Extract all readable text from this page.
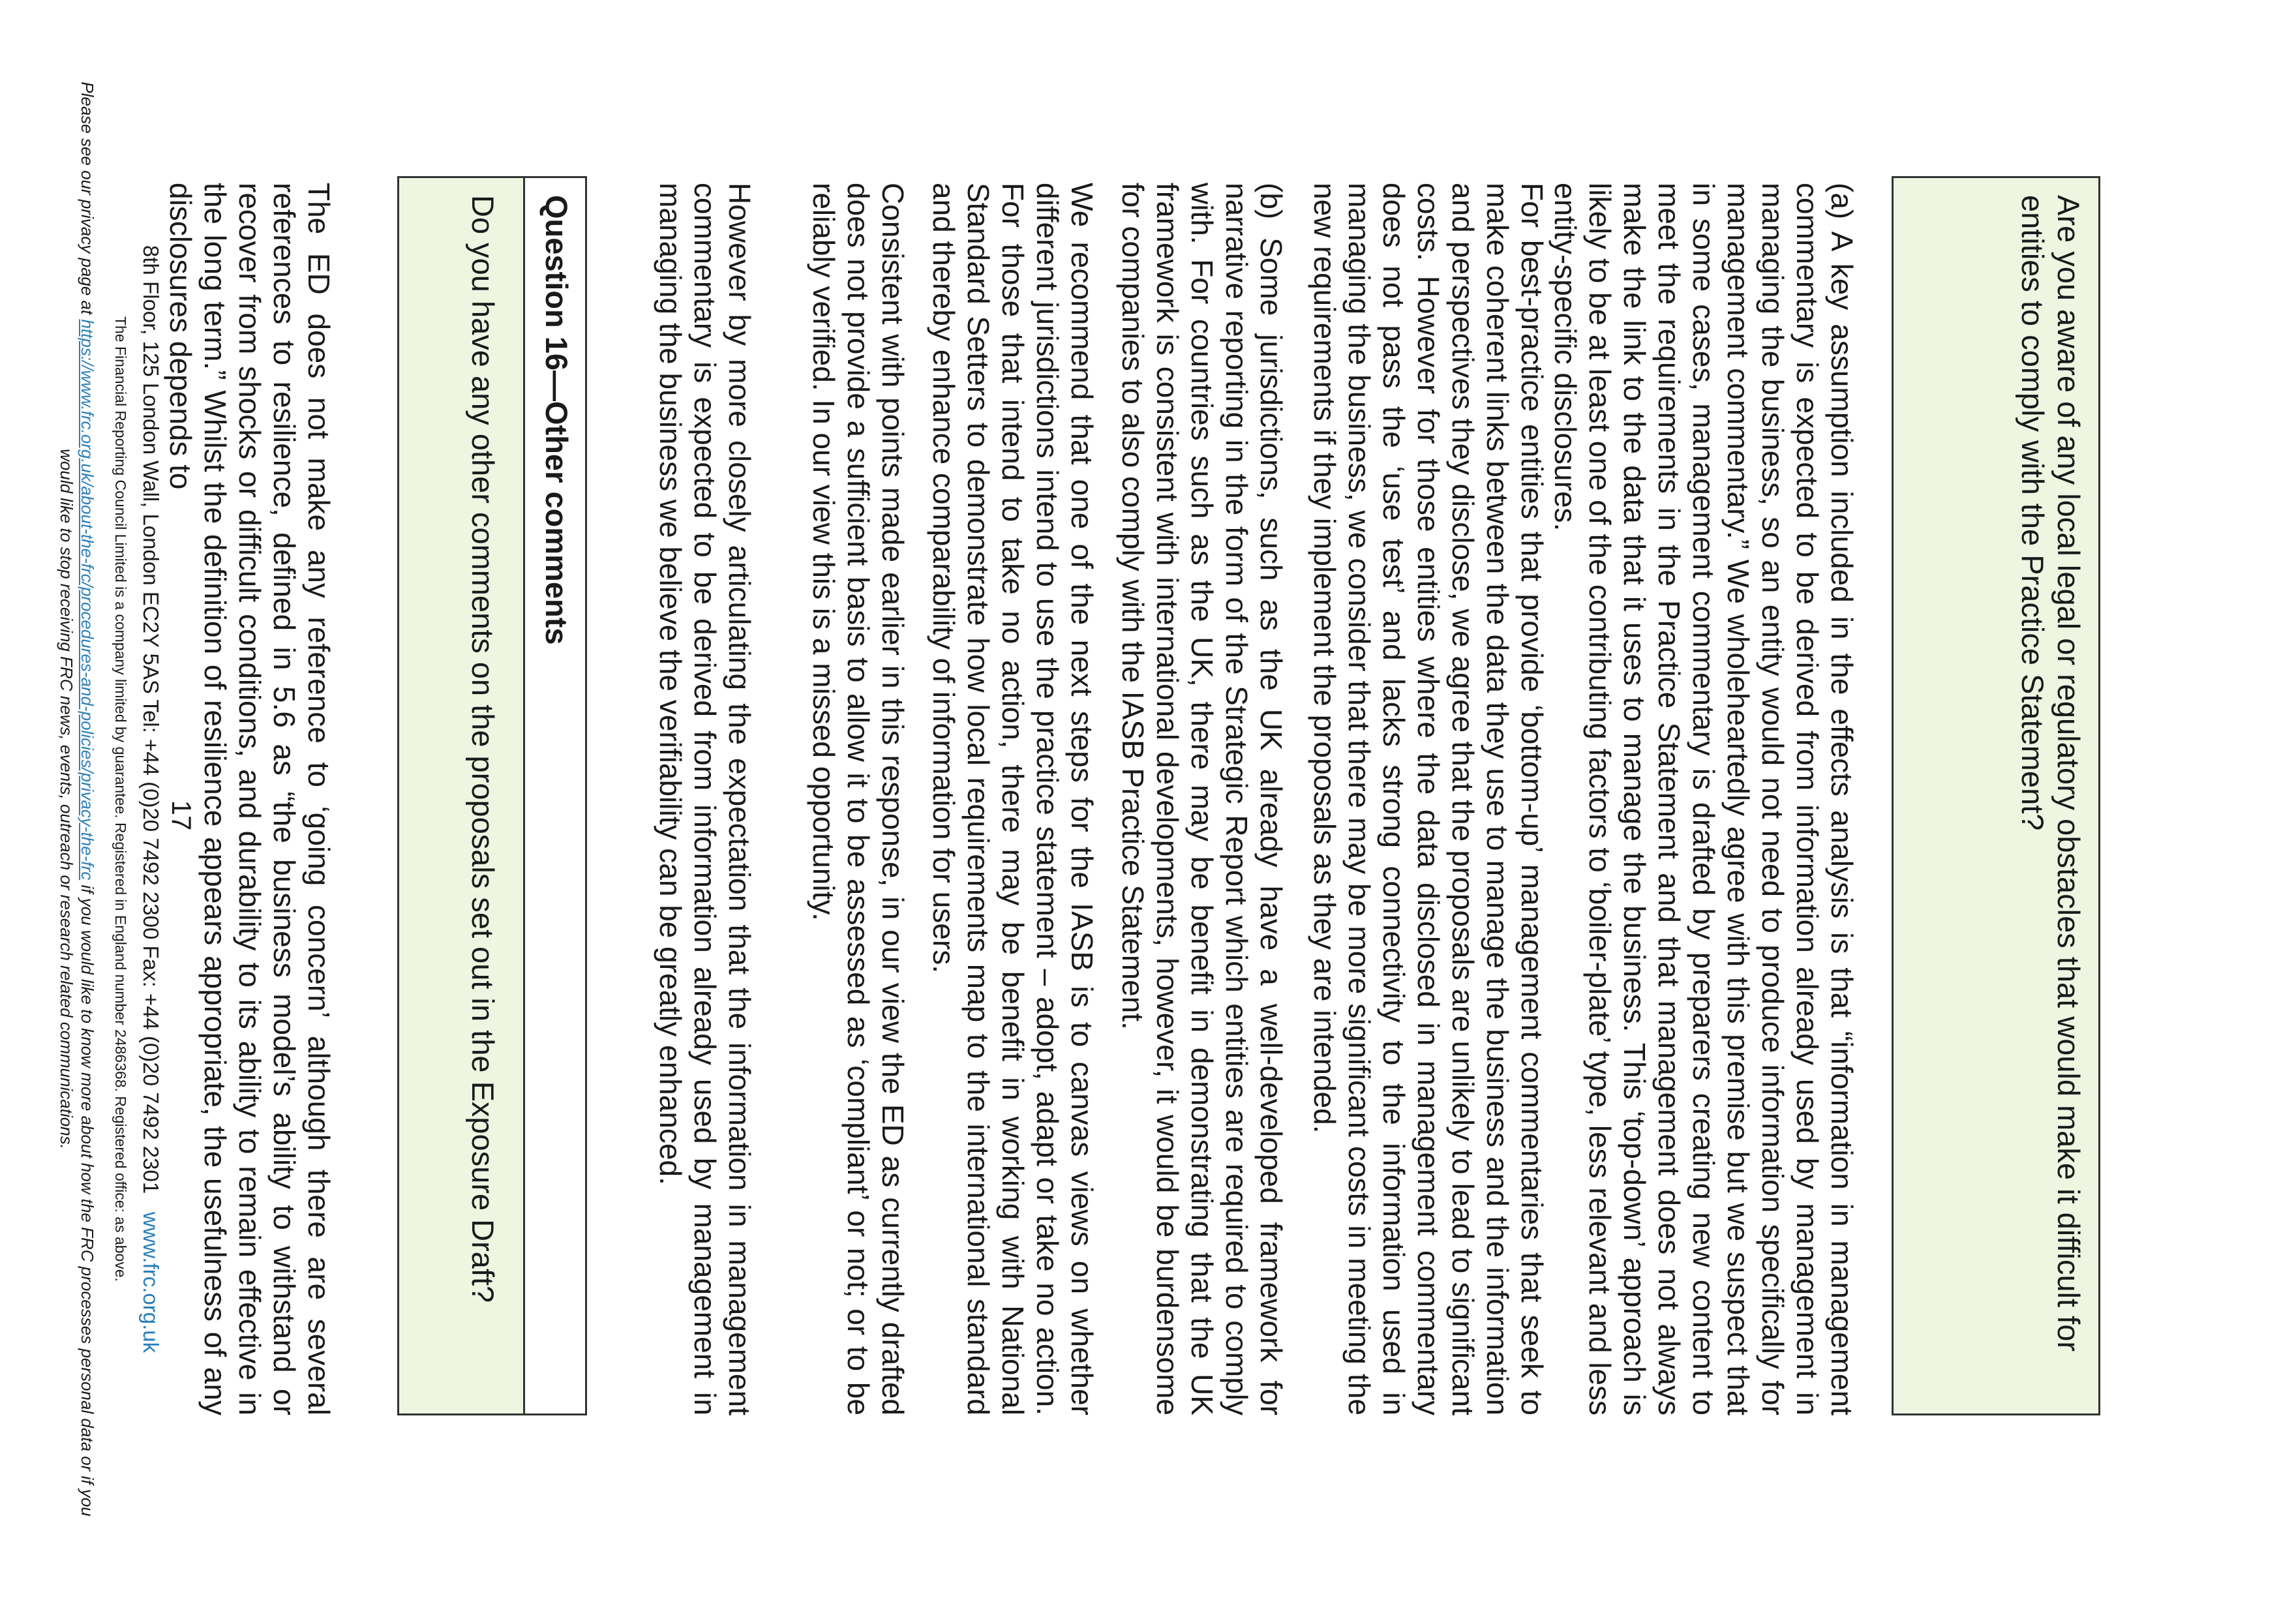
Are you aware of any local legal or regulatory obstacles that would make it difficult for entities to comply with the Practice Statement?
(a) A key assumption included in the effects analysis is that “information in management commentary is expected to be derived from information already used by management in managing the business, so an entity would not need to produce information specifically for management commentary.” We wholeheartedly agree with this premise but we suspect that in some cases, management commentary is drafted by preparers creating new content to meet the requirements in the Practice Statement and that management does not always make the link to the data that it uses to manage the business. This ‘top-down’ approach is likely to be at least one of the contributing factors to ‘boiler-plate’ type, less relevant and less entity-specific disclosures.
For best-practice entities that provide ‘bottom-up’ management commentaries that seek to make coherent links between the data they use to manage the business and the information and perspectives they disclose, we agree that the proposals are unlikely to lead to significant costs. However for those entities where the data disclosed in management commentary does not pass the ‘use test’ and lacks strong connectivity to the information used in managing the business, we consider that there may be more significant costs in meeting the new requirements if they implement the proposals as they are intended.
(b) Some jurisdictions, such as the UK already have a well-developed framework for narrative reporting in the form of the Strategic Report which entities are required to comply with. For countries such as the UK, there may be benefit in demonstrating that the UK framework is consistent with international developments, however, it would be burdensome for companies to also comply with the IASB Practice Statement.
We recommend that one of the next steps for the IASB is to canvas views on whether different jurisdictions intend to use the practice statement – adopt, adapt or take no action. For those that intend to take no action, there may be benefit in working with National Standard Setters to demonstrate how local requirements map to the international standard and thereby enhance comparability of information for users.
Consistent with points made earlier in this response, in our view the ED as currently drafted does not provide a sufficient basis to allow it to be assessed as ‘compliant’ or not; or to be reliably verified. In our view this is a missed opportunity.
However by more closely articulating the expectation that the information in management commentary is expected to be derived from information already used by management in managing the business we believe the verifiability can be greatly enhanced.
Question 16—Other comments
Do you have any other comments on the proposals set out in the Exposure Draft?
The ED does not make any reference to ‘going concern’ although there are several references to resilience, defined in 5.6 as “the business model’s ability to withstand or recover from shocks or difficult conditions, and durability to its ability to remain effective in the long term.” Whilst the definition of resilience appears appropriate, the usefulness of any disclosures depends to
17
8th Floor, 125 London Wall, London EC2Y 5AS Tel: +44 (0)20 7492 2300 Fax: +44 (0)20 7492 2301   www.frc.org.uk
The Financial Reporting Council Limited is a company limited by guarantee. Registered in England number 2486368. Registered office: as above.
Please see our privacy page at https://www.frc.org.uk/about-the-frc/procedures-and-policies/privacy-the-frc if you would like to know more about how the FRC processes personal data or if you would like to stop receiving FRC news, events, outreach or research related communications.
